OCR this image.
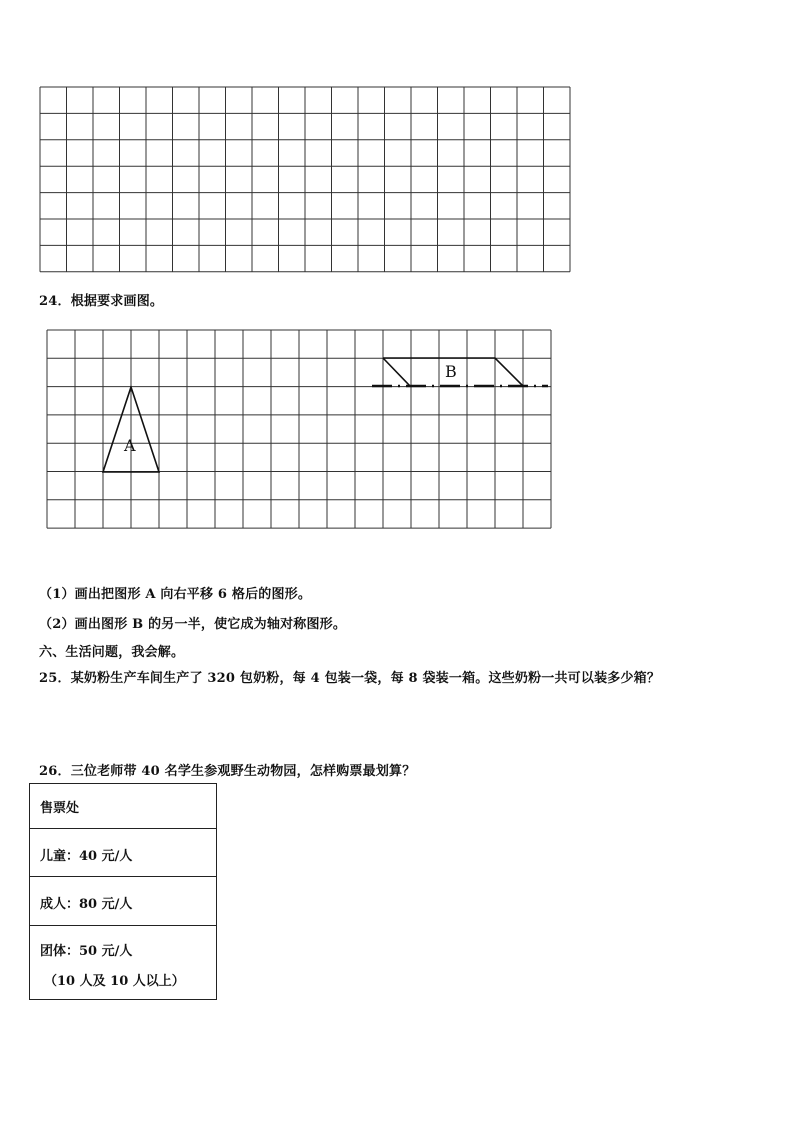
24．根据要求画图。
A
B
（1）画出把图形 A 向右平移 6 格后的图形。
（2）画出图形 B 的另一半，使它成为轴对称图形。
六、生活问题，我会解。
25．某奶粉生产车间生产了 320 包奶粉，每 4 包装一袋，每 8 袋装一箱。这些奶粉一共可以装多少箱？
26．三位老师带 40 名学生参观野生动物园，怎样购票最划算？
售票处
儿童：40 元/人
成人：80 元/人
团体：50 元/人
（10 人及 10 人以上）
